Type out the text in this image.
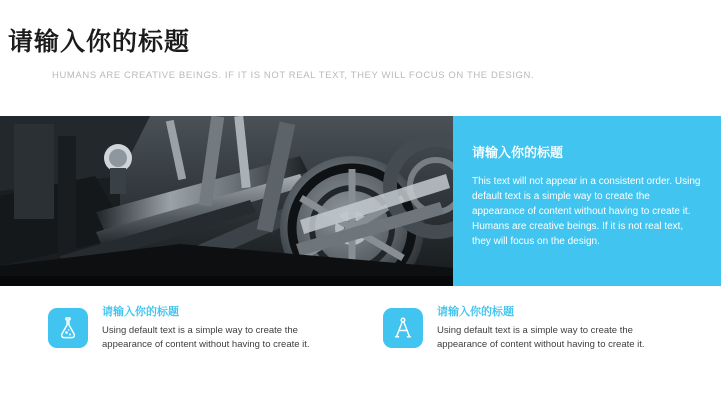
请输入你的标题
HUMANS ARE CREATIVE BEINGS. IF IT IS NOT REAL TEXT, THEY WILL FOCUS ON THE DESIGN.
请输入你的标题

This text will not appear in a consistent order. Using default text is a simple way to create the appearance of content without having to create it. Humans are creative beings. If it is not real text, they will focus on the design.

请输入你的标题

Using default text is a simple way to create the appearance of content without having to create it.

请输入你的标题

Using default text is a simple way to create the appearance of content without having to create it.
